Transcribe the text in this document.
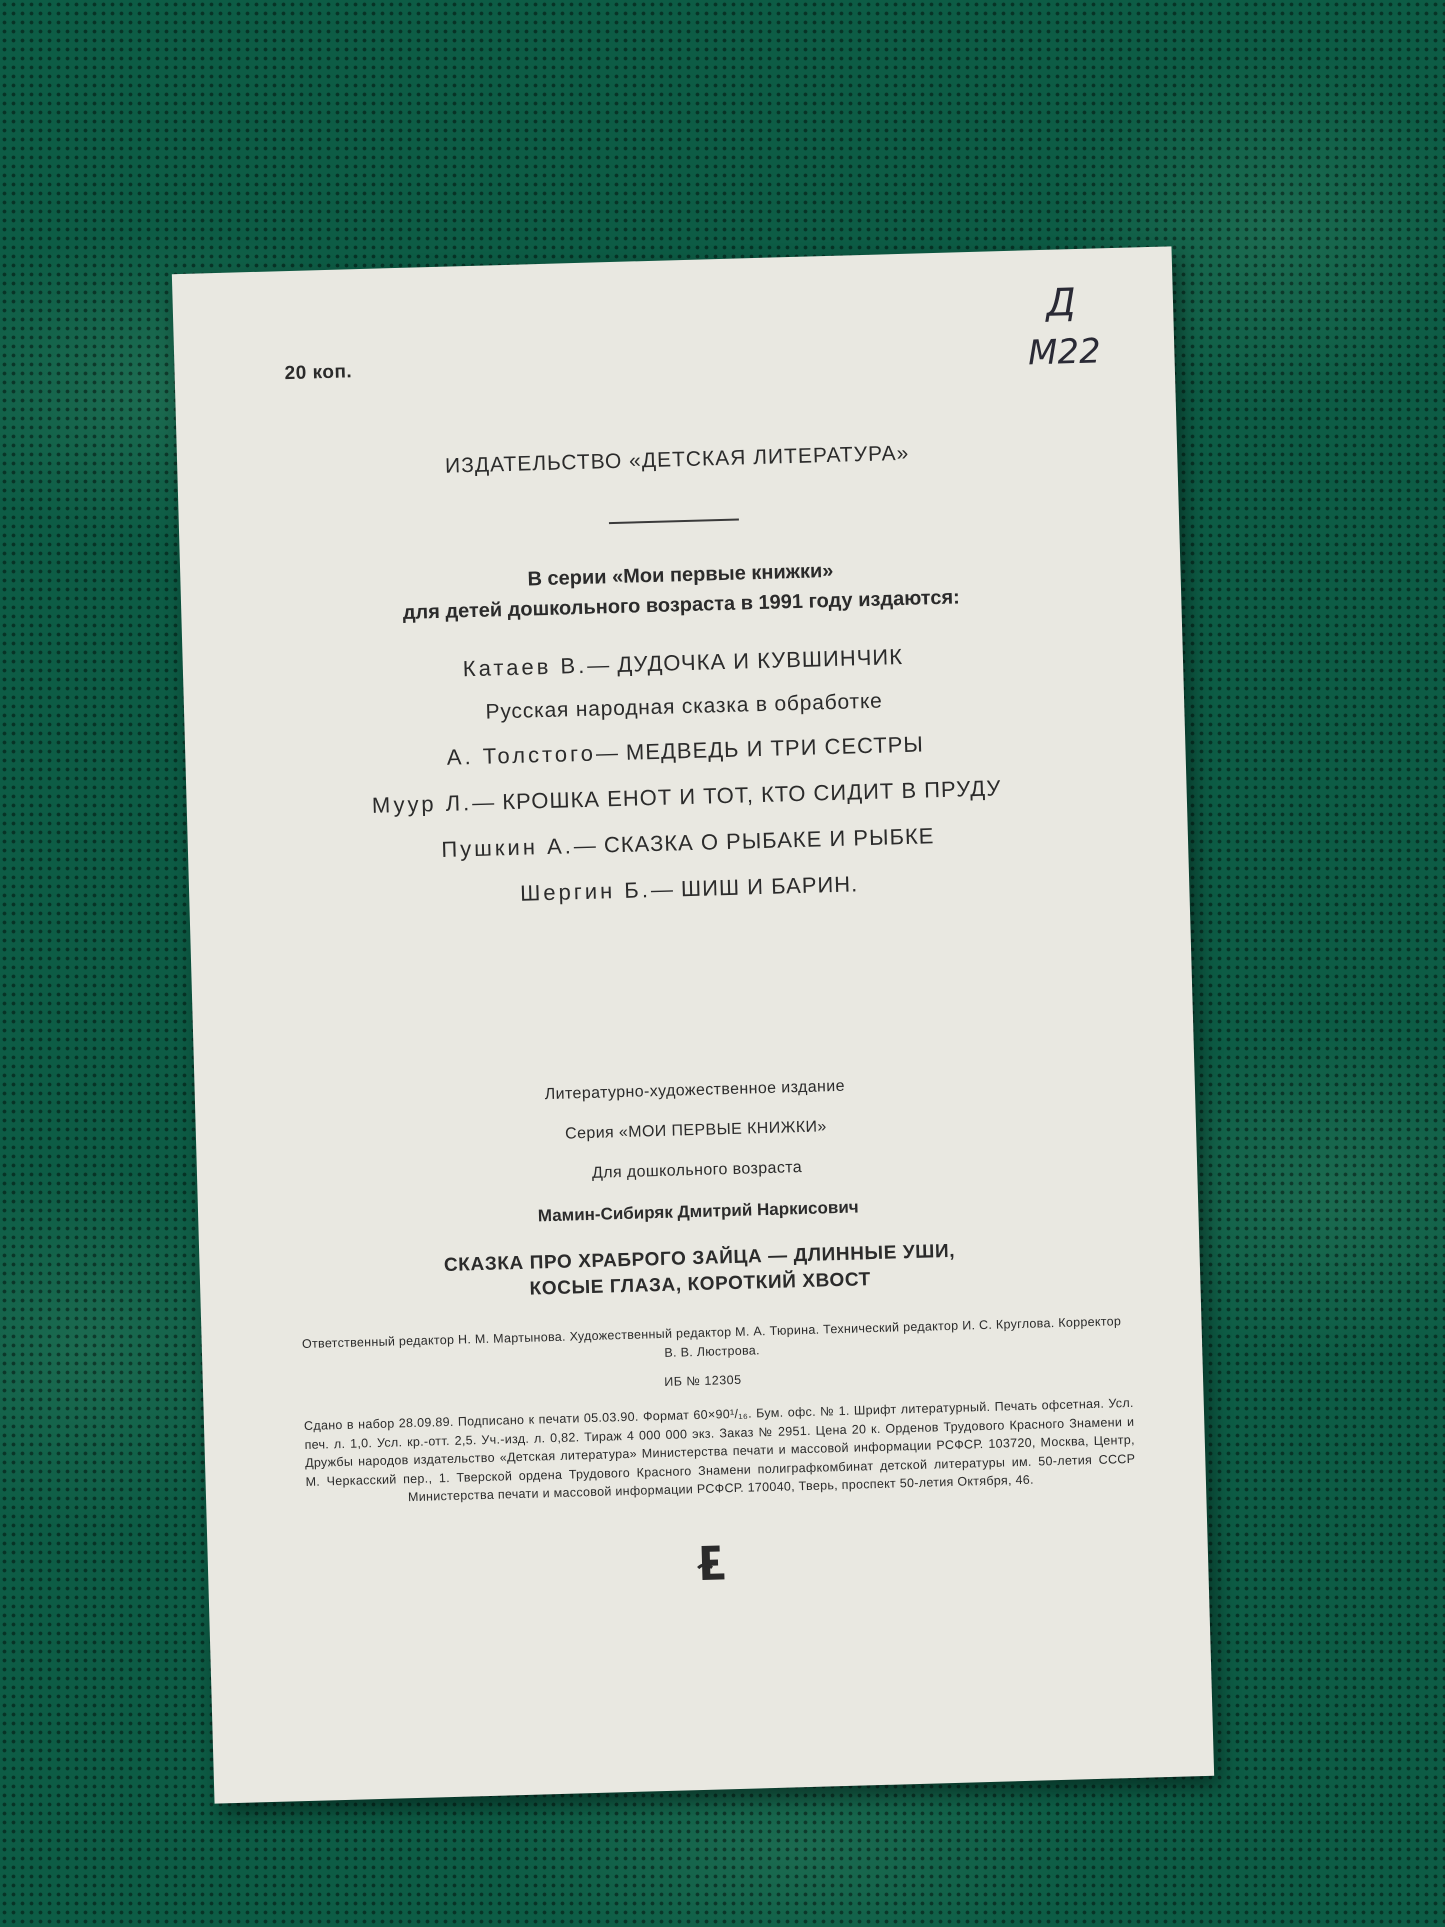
20 коп.
Д
М22
ИЗДАТЕЛЬСТВО «ДЕТСКАЯ ЛИТЕРАТУРА»
В серии «Мои первые книжки»
для детей дошкольного возраста в 1991 году издаются:
Катаев В.— ДУДОЧКА И КУВШИНЧИК
Русская народная сказка в обработке
А. Толстого— МЕДВЕДЬ И ТРИ СЕСТРЫ
Муур Л.— КРОШКА ЕНОТ И ТОТ, КТО СИДИТ В ПРУДУ
Пушкин А.— СКАЗКА О РЫБАКЕ И РЫБКЕ
Шергин Б.— ШИШ И БАРИН.
Литературно-художественное издание
Серия «МОИ ПЕРВЫЕ КНИЖКИ»
Для дошкольного возраста
Мамин-Сибиряк Дмитрий Наркисович
СКАЗКА ПРО ХРАБРОГО ЗАЙЦА — ДЛИННЫЕ УШИ,
КОСЫЕ ГЛАЗА, КОРОТКИЙ ХВОСТ
Ответственный редактор Н. М. Мартынова. Художественный редактор М. А. Тюрина. Технический редактор И. С. Круглова. Корректор В. В. Люстрова.
ИБ № 12305
Сдано в набор 28.09.89. Подписано к печати 05.03.90. Формат 60×90¹/₁₆. Бум. офс. № 1. Шрифт литературный. Печать офсетная. Усл. печ. л. 1,0. Усл. кр.-отт. 2,5. Уч.-изд. л. 0,82. Тираж 4 000 000 экз. Заказ № 2951. Цена 20 к. Орденов Трудового Красного Знамени и Дружбы народов издательство «Детская литература» Министерства печати и массовой информации РСФСР. 103720, Москва, Центр, М. Черкасский пер., 1. Тверской ордена Трудового Красного Знамени полиграфкомбинат детской литературы им. 50-летия СССР Министерства печати и массовой информации РСФСР. 170040, Тверь, проспект 50-летия Октября, 46.
